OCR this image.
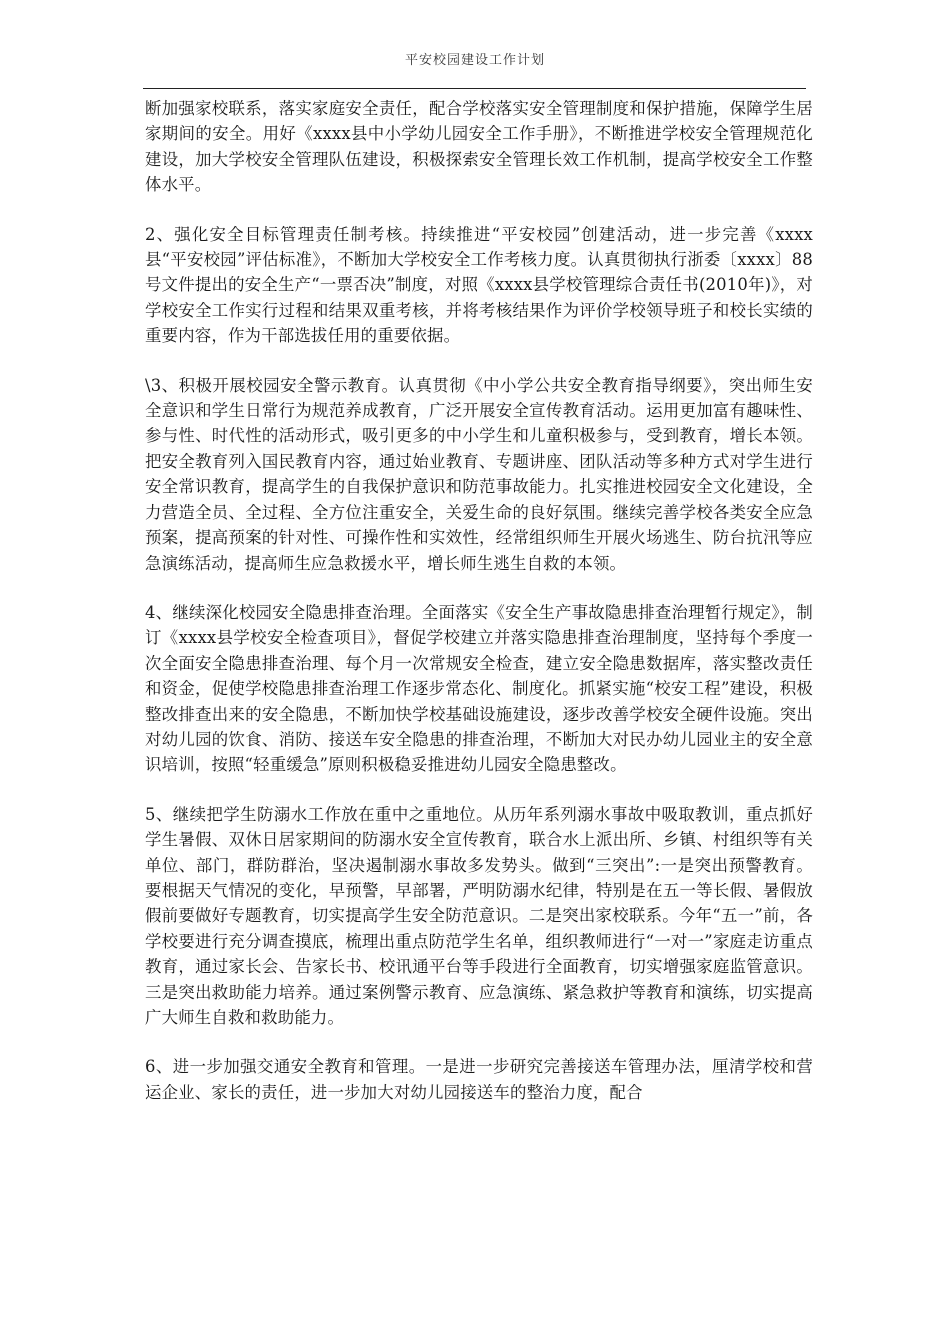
平安校园建设工作计划

断加强家校联系，落实家庭安全责任，配合学校落实安全管理制度和保护措施，保障学生居家期间的安全。用好《xxxx县中小学幼儿园安全工作手册》，不断推进学校安全管理规范化建设，加大学校安全管理队伍建设，积极探索安全管理长效工作机制，提高学校安全工作整体水平。

2、强化安全目标管理责任制考核。持续推进“平安校园”创建活动，进一步完善《xxxx县“平安校园”评估标准》，不断加大学校安全工作考核力度。认真贯彻执行浙委〔xxxx〕88号文件提出的安全生产“一票否决”制度，对照《xxxx县学校管理综合责任书(2010年)》，对学校安全工作实行过程和结果双重考核，并将考核结果作为评价学校领导班子和校长实绩的重要内容，作为干部选拔任用的重要依据。

\3、积极开展校园安全警示教育。认真贯彻《中小学公共安全教育指导纲要》，突出师生安全意识和学生日常行为规范养成教育，广泛开展安全宣传教育活动。运用更加富有趣味性、参与性、时代性的活动形式，吸引更多的中小学生和儿童积极参与，受到教育，增长本领。把安全教育列入国民教育内容，通过始业教育、专题讲座、团队活动等多种方式对学生进行安全常识教育，提高学生的自我保护意识和防范事故能力。扎实推进校园安全文化建设，全力营造全员、全过程、全方位注重安全，关爱生命的良好氛围。继续完善学校各类安全应急预案，提高预案的针对性、可操作性和实效性，经常组织师生开展火场逃生、防台抗汛等应急演练活动，提高师生应急救援水平，增长师生逃生自救的本领。

4、继续深化校园安全隐患排查治理。全面落实《安全生产事故隐患排查治理暂行规定》，制订《xxxx县学校安全检查项目》，督促学校建立并落实隐患排查治理制度，坚持每个季度一次全面安全隐患排查治理、每个月一次常规安全检查，建立安全隐患数据库，落实整改责任和资金，促使学校隐患排查治理工作逐步常态化、制度化。抓紧实施“校安工程”建设，积极整改排查出来的安全隐患，不断加快学校基础设施建设，逐步改善学校安全硬件设施。突出对幼儿园的饮食、消防、接送车安全隐患的排查治理，不断加大对民办幼儿园业主的安全意识培训，按照“轻重缓急”原则积极稳妥推进幼儿园安全隐患整改。

5、继续把学生防溺水工作放在重中之重地位。从历年系列溺水事故中吸取教训，重点抓好学生暑假、双休日居家期间的防溺水安全宣传教育，联合水上派出所、乡镇、村组织等有关单位、部门，群防群治，坚决遏制溺水事故多发势头。做到“三突出”:一是突出预警教育。要根据天气情况的变化，早预警，早部署，严明防溺水纪律，特别是在五一等长假、暑假放假前要做好专题教育，切实提高学生安全防范意识。二是突出家校联系。今年“五一”前，各学校要进行充分调查摸底，梳理出重点防范学生名单，组织教师进行“一对一”家庭走访重点教育，通过家长会、告家长书、校讯通平台等手段进行全面教育，切实增强家庭监管意识。三是突出救助能力培养。通过案例警示教育、应急演练、紧急救护等教育和演练，切实提高广大师生自救和救助能力。

6、进一步加强交通安全教育和管理。一是进一步研究完善接送车管理办法，厘清学校和营运企业、家长的责任，进一步加大对幼儿园接送车的整治力度，配合
